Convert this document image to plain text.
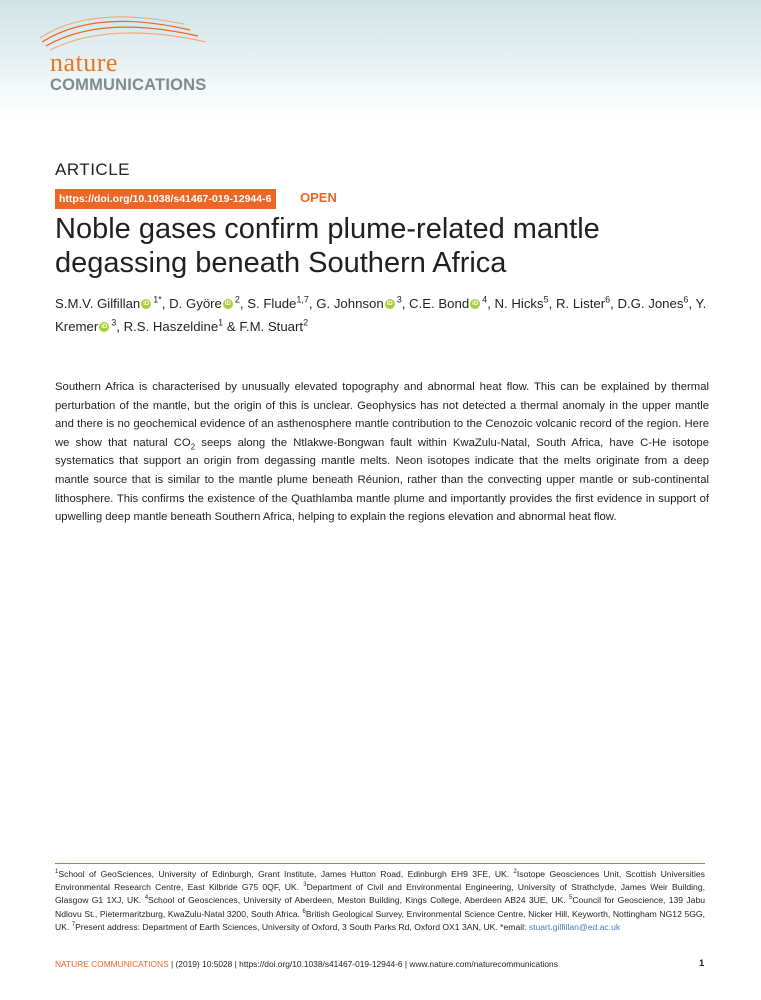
nature
COMMUNICATIONS
ARTICLE
https://doi.org/10.1038/s41467-019-12944-6	OPEN
Noble gases confirm plume-related mantle degassing beneath Southern Africa
S.M.V. Gilfillan iD $^{1*}$, D. Györe iD $^2$, S. Flude$^{1,7}$, G. Johnson iD $^3$, C.E. Bond iD $^4$, N. Hicks$^5$, R. Lister$^6$, D.G. Jones$^6$, Y. Kremer iD $^3$, R.S. Haszeldine$^1$ & F.M. Stuart$^2$
Southern Africa is characterised by unusually elevated topography and abnormal heat flow. This can be explained by thermal perturbation of the mantle, but the origin of this is unclear. Geophysics has not detected a thermal anomaly in the upper mantle and there is no geochemical evidence of an asthenosphere mantle contribution to the Cenozoic volcanic record of the region. Here we show that natural $CO_2$ seeps along the Ntlakwe-Bongwan fault within KwaZulu-Natal, South Africa, have C-He isotope systematics that support an origin from degassing mantle melts. Neon isotopes indicate that the melts originate from a deep mantle source that is similar to the mantle plume beneath Réunion, rather than the convecting upper mantle or sub-continental lithosphere. This confirms the existence of the Quathlamba mantle plume and importantly provides the first evidence in support of upwelling deep mantle beneath Southern Africa, helping to explain the regions elevation and abnormal heat flow.
$^1$School of GeoSciences, University of Edinburgh, Grant Institute, James Hutton Road, Edinburgh EH9 3FE, UK. $^2$Isotope Geosciences Unit, Scottish Universities Environmental Research Centre, East Kilbride G75 0QF, UK. $^3$Department of Civil and Environmental Engineering, University of Strathclyde, James Weir Building, Glasgow G1 1XJ, UK. $^4$School of Geosciences, University of Aberdeen, Meston Building, Kings College, Aberdeen AB24 3UE, UK. $^5$Council for Geoscience, 139 Jabu Ndlovu St., Pietermaritzburg, KwaZulu-Natal 3200, South Africa. $^6$British Geological Survey, Environmental Science Centre, Nicker Hill, Keyworth, Nottingham NG12 5GG, UK. $^7$Present address: Department of Earth Sciences, University of Oxford, 3 South Parks Rd, Oxford OX1 3AN, UK. *email: stuart.gilfillan@ed.ac.uk
NATURE COMMUNICATIONS | (2019) 10:5028 | https://doi.org/10.1038/s41467-019-12944-6 | www.nature.com/naturecommunications	1
